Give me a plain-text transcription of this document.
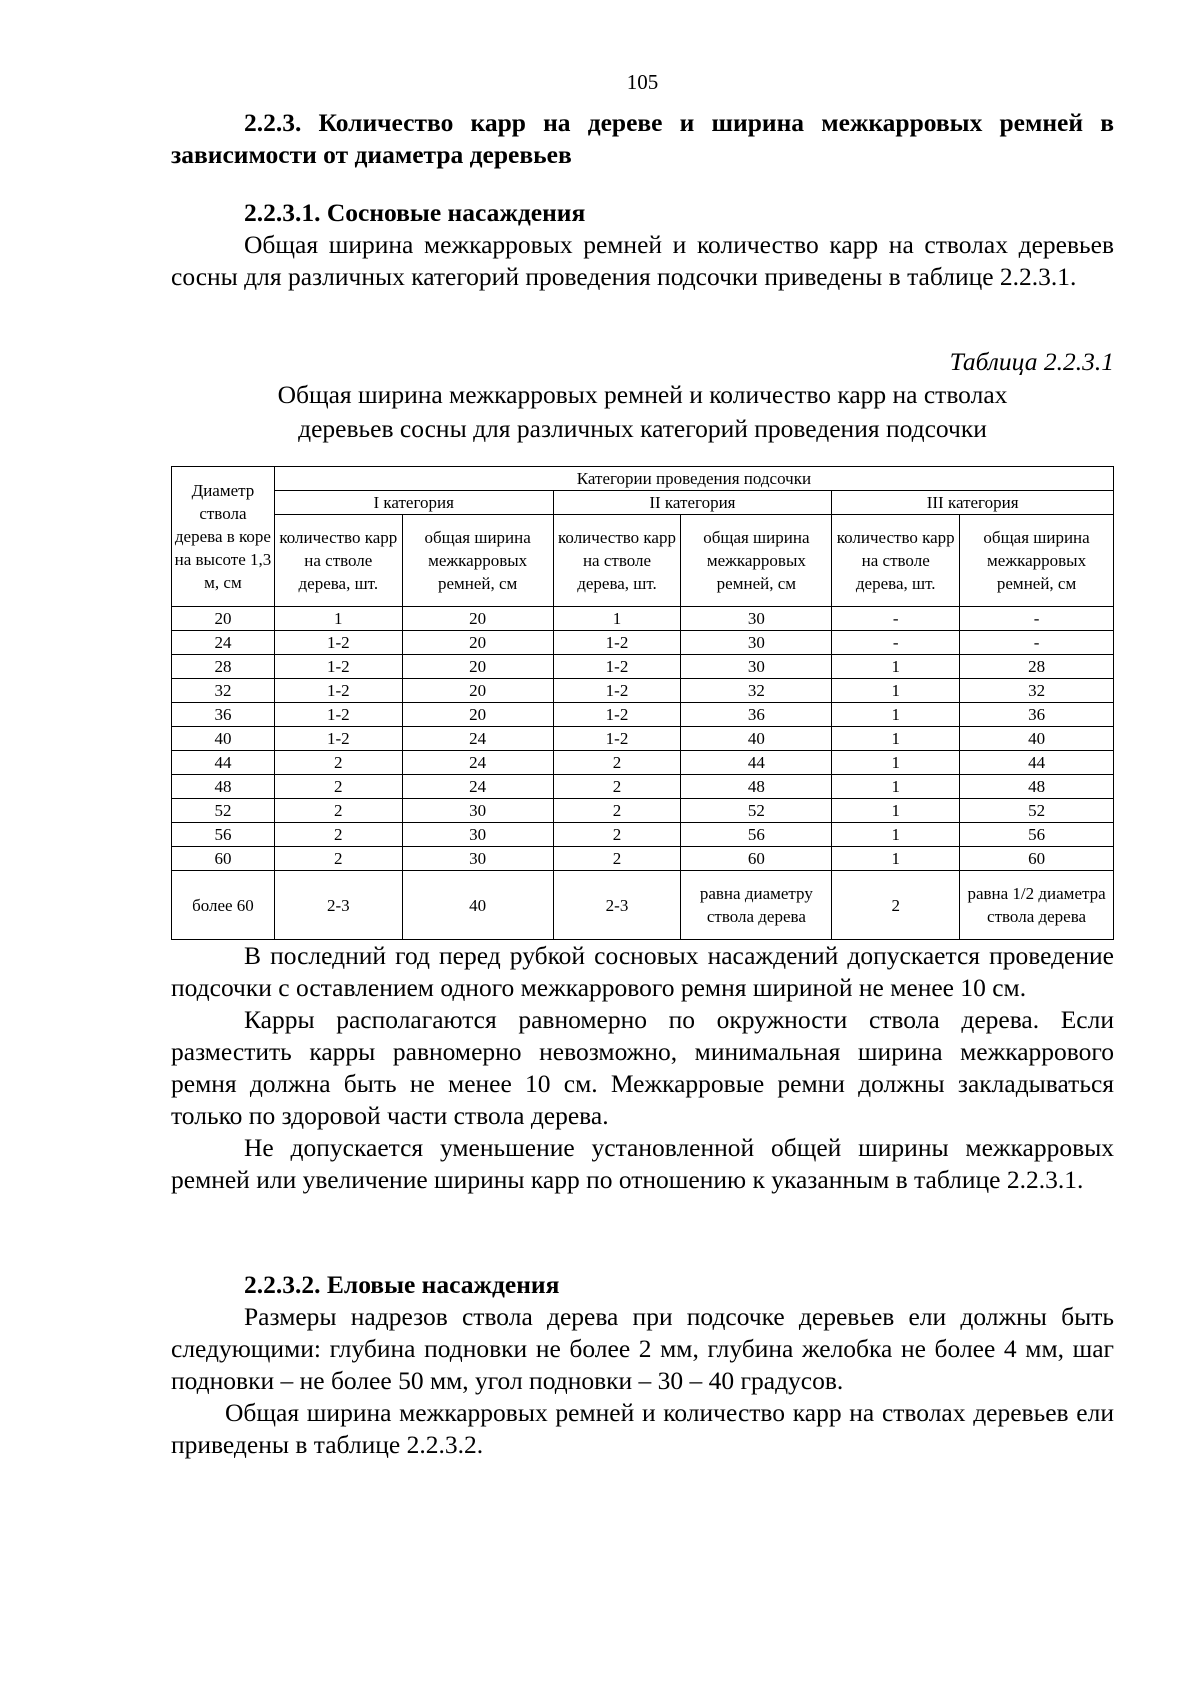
105

2.2.3. Количество карр на дереве и ширина межкарровых ремней в зависимости от диаметра деревьев

2.2.3.1. Сосновые насаждения

Общая ширина межкарровых ремней и количество карр на стволах деревьев сосны для различных категорий проведения подсочки приведены в таблице 2.2.3.1.

Таблица 2.2.3.1
Общая ширина межкарровых ремней и количество карр на стволах
деревьев сосны для различных категорий проведения подсочки
Диаметр ствола дерева в коре на высоте 1,3 м, см	Категории проведения подсочки					
	I категория		II категория		III категория	
	количество карр на стволе дерева, шт.	общая ширина межкарровых ремней, см	количество карр на стволе дерева, шт.	общая ширина межкарровых ремней, см	количество карр на стволе дерева, шт.	общая ширина межкарровых ремней, см
20	1	20	1	30	-	-
24	1-2	20	1-2	30	-	-
28	1-2	20	1-2	30	1	28
32	1-2	20	1-2	32	1	32
36	1-2	20	1-2	36	1	36
40	1-2	24	1-2	40	1	40
44	2	24	2	44	1	44
48	2	24	2	48	1	48
52	2	30	2	52	1	52
56	2	30	2	56	1	56
60	2	30	2	60	1	60
более 60	2-3	40	2-3	равна диаметру ствола дерева	2	равна 1/2 диаметра ствола дерева

В последний год перед рубкой сосновых насаждений допускается проведение подсочки с оставлением одного межкаррового ремня шириной не менее 10 см.

Карры располагаются равномерно по окружности ствола дерева. Если разместить карры равномерно невозможно, минимальная ширина межкаррового ремня должна быть не менее 10 см. Межкарровые ремни должны закладываться только по здоровой части ствола дерева.

Не допускается уменьшение установленной общей ширины межкарровых ремней или увеличение ширины карр по отношению к указанным в таблице 2.2.3.1.

2.2.3.2. Еловые насаждения

Размеры надрезов ствола дерева при подсочке деревьев ели должны быть следующими: глубина подновки не более 2 мм, глубина желобка не более 4 мм, шаг подновки – не более 50 мм, угол подновки – 30 – 40 градусов.

Общая ширина межкарровых ремней и количество карр на стволах деревьев ели приведены в таблице 2.2.3.2.
